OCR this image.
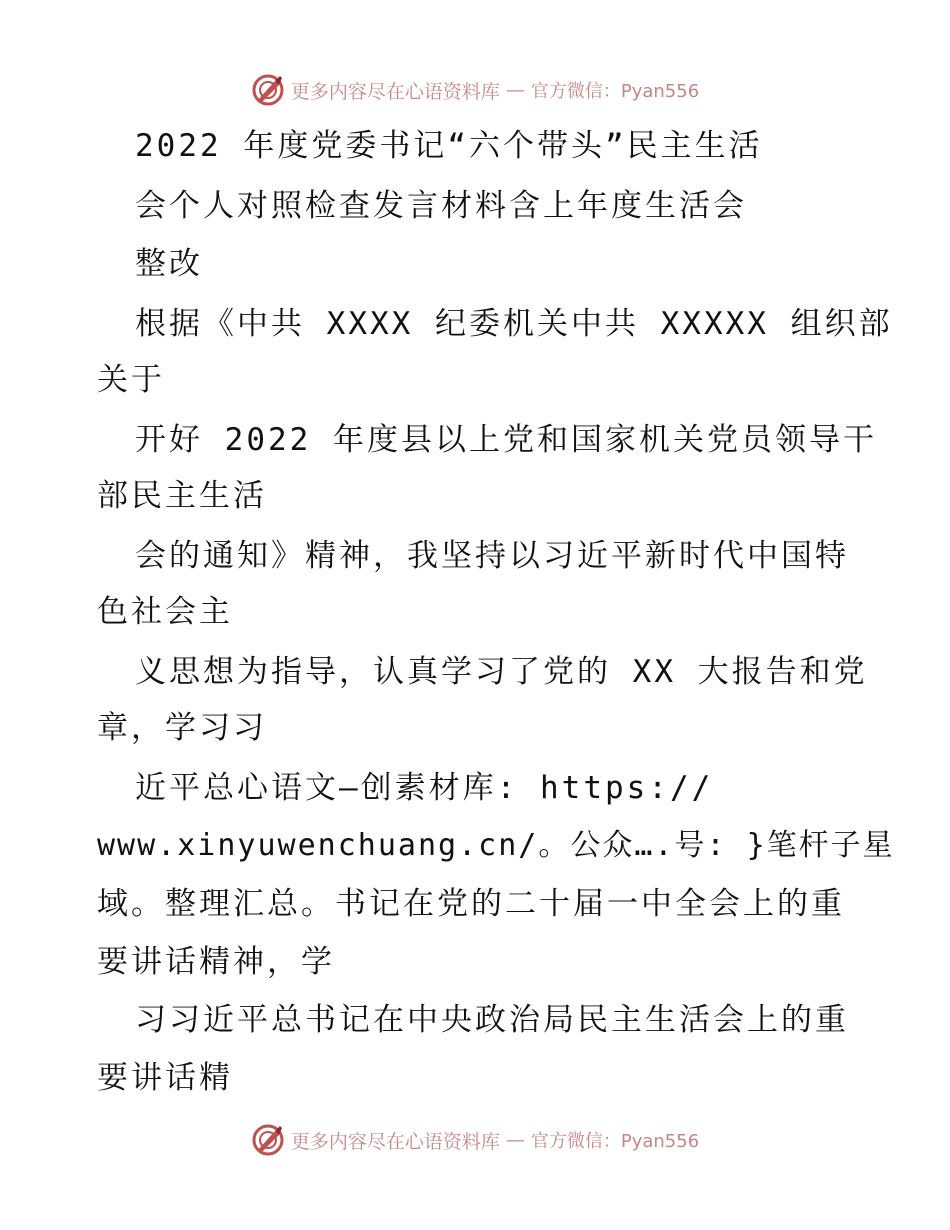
更多内容尽在心语资料库 — 官方微信：Pyan556
2022 年度党委书记“六个带头”民主生活
会个人对照检查发言材料含上年度生活会
整改
根据《中共 XXXX 纪委机关中共 XXXXX 组织部
关于
开好 2022 年度县以上党和国家机关党员领导干
部民主生活
会的通知》精神，我坚持以习近平新时代中国特
色社会主
义思想为指导，认真学习了党的 XX 大报告和党
章，学习习
近平总心语文—创素材库: https://
www.xinyuwenchuang.cn/。公众….号: }笔杆子星
域。整理汇总。书记在党的二十届一中全会上的重
要讲话精神，学
习习近平总书记在中央政治局民主生活会上的重
要讲话精
更多内容尽在心语资料库 — 官方微信：Pyan556
